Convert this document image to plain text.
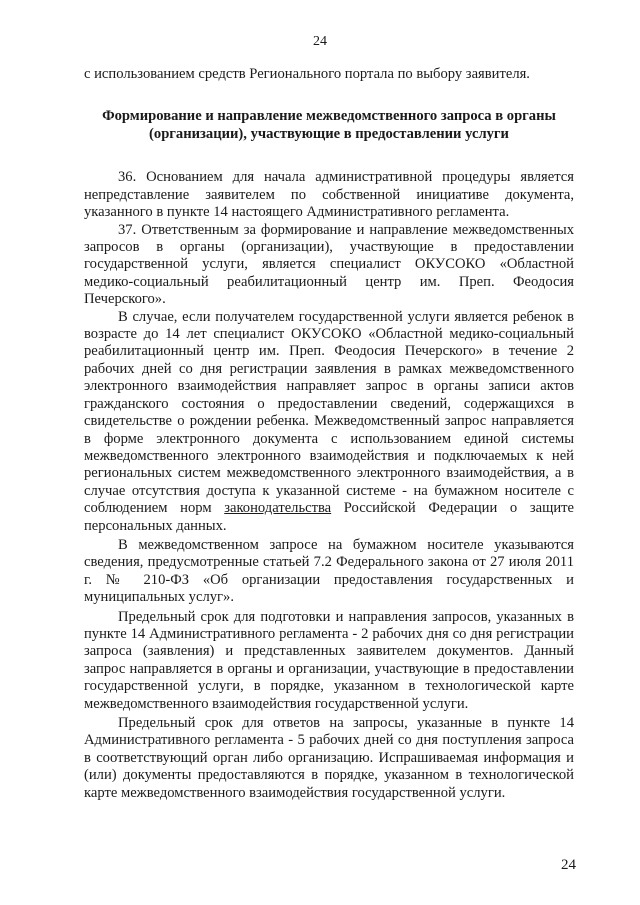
24

с использованием средств Регионального портала по выбору заявителя.

Формирование и направление межведомственного запроса в органы (организации), участвующие в предоставлении услуги

36. Основанием для начала административной процедуры является непредставление заявителем по собственной инициативе документа, указанного в пункте 14 настоящего Административного регламента.

37. Ответственным за формирование и направление межведомственных запросов в органы (организации), участвующие в предоставлении государственной услуги, является специалист ОКУСОКО «Областной медико-социальный реабилитационный центр им. Преп. Феодосия Печерского».

В случае, если получателем государственной услуги является ребенок в возрасте до 14 лет специалист ОКУСОКО «Областной медико-социальный реабилитационный центр им. Преп. Феодосия Печерского» в течение 2 рабочих дней со дня регистрации заявления в рамках межведомственного электронного взаимодействия направляет запрос в органы записи актов гражданского состояния о предоставлении сведений, содержащихся в свидетельстве о рождении ребенка. Межведомственный запрос направляется в форме электронного документа с использованием единой системы межведомственного электронного взаимодействия и подключаемых к ней региональных систем межведомственного электронного взаимодействия, а в случае отсутствия доступа к указанной системе - на бумажном носителе с соблюдением норм законодательства Российской Федерации о защите персональных данных.

В межведомственном запросе на бумажном носителе указываются сведения, предусмотренные статьей 7.2 Федерального закона от 27 июля 2011 г. № 210-ФЗ «Об организации предоставления государственных и муниципальных услуг».

Предельный срок для подготовки и направления запросов, указанных в пункте 14 Административного регламента - 2 рабочих дня со дня регистрации запроса (заявления) и представленных заявителем документов. Данный запрос направляется в органы и организации, участвующие в предоставлении государственной услуги, в порядке, указанном в технологической карте межведомственного взаимодействия государственной услуги.

Предельный срок для ответов на запросы, указанные в пункте 14 Административного регламента - 5 рабочих дней со дня поступления запроса в соответствующий орган либо организацию. Испрашиваемая информация и (или) документы предоставляются в порядке, указанном в технологической карте межведомственного взаимодействия государственной услуги.

24
